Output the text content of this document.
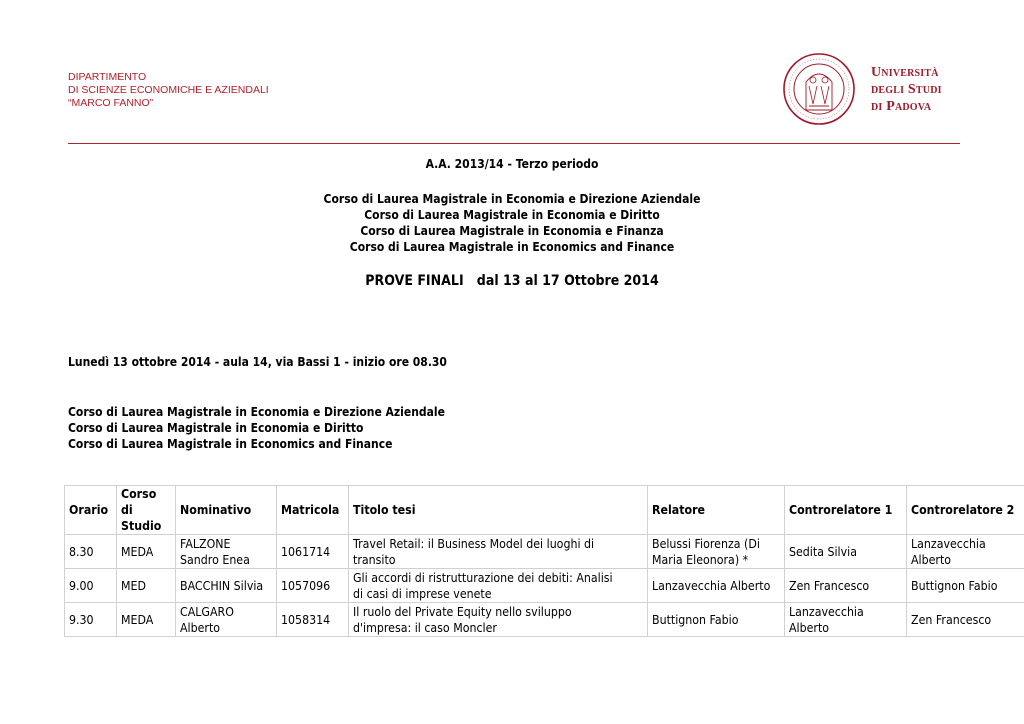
DIPARTIMENTO
DI SCIENZE ECONOMICHE E AZIENDALI
“MARCO FANNO”
Università
degli Studi
di Padova
A.A. 2013/14 - Terzo periodo
Corso di Laurea Magistrale in Economia e Direzione Aziendale
Corso di Laurea Magistrale in Economia e Diritto
Corso di Laurea Magistrale in Economia e Finanza
Corso di Laurea Magistrale in Economics and Finance
PROVE FINALI   dal 13 al 17 Ottobre 2014
Lunedì 13 ottobre 2014 - aula 14, via Bassi 1 - inizio ore 08.30
Corso di Laurea Magistrale in Economia e Direzione Aziendale
Corso di Laurea Magistrale in Economia e Diritto
Corso di Laurea Magistrale in Economics and Finance
Orario	Corso di Studio	Nominativo	Matricola	Titolo tesi	Relatore	Controrelatore 1	Controrelatore 2
8.30	MEDA	FALZONE Sandro Enea	1061714	Travel Retail: il Business Model dei luoghi di transito	Belussi Fiorenza (Di Maria Eleonora) *	Sedita Silvia	Lanzavecchia Alberto
9.00	MED	BACCHIN Silvia	1057096	Gli accordi di ristrutturazione dei debiti: Analisi di casi di imprese venete	Lanzavecchia Alberto	Zen Francesco	Buttignon Fabio
9.30	MEDA	CALGARO Alberto	1058314	Il ruolo del Private Equity nello sviluppo d'impresa: il caso Moncler	Buttignon Fabio	Lanzavecchia Alberto	Zen Francesco
